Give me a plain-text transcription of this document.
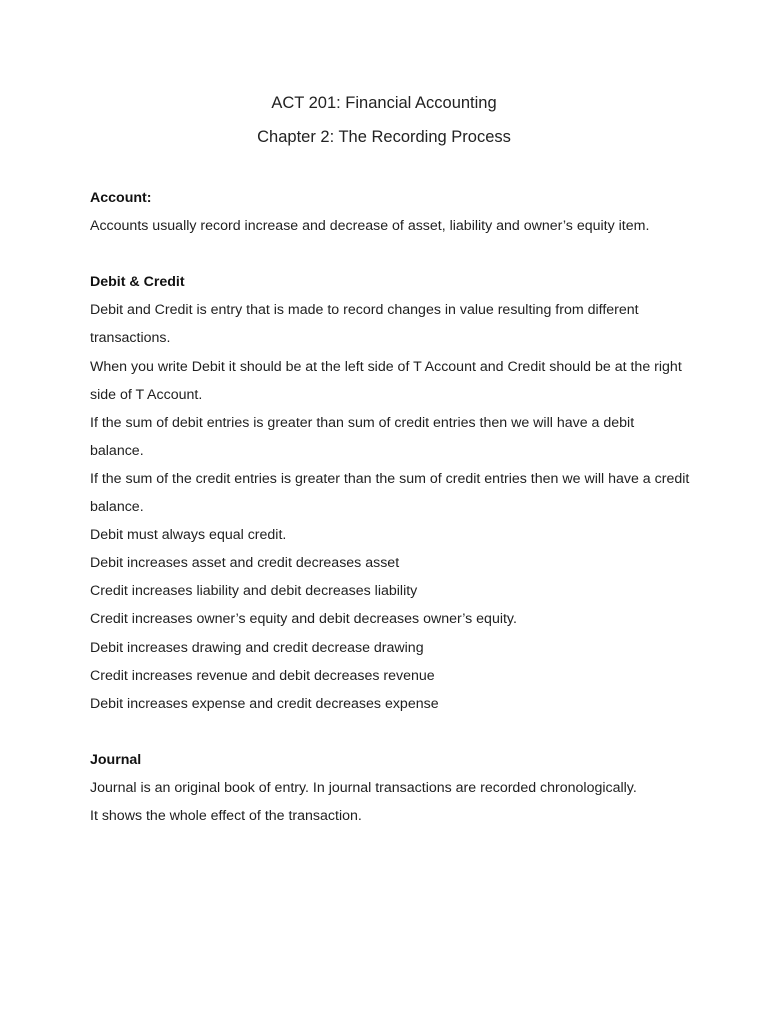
ACT 201: Financial Accounting
Chapter 2: The Recording Process
Account:

Accounts usually record increase and decrease of asset, liability and owner’s equity item.

Debit & Credit

Debit and Credit is entry that is made to record changes in value resulting from different transactions.

When you write Debit it should be at the left side of T Account and Credit should be at the right side of T Account.

If the sum of debit entries is greater than sum of credit entries then we will have a debit balance.

If the sum of the credit entries is greater than the sum of credit entries then we will have a credit balance.

Debit must always equal credit.

Debit increases asset and credit decreases asset

Credit increases liability and debit decreases liability

Credit increases owner’s equity and debit decreases owner’s equity.

Debit increases drawing and credit decrease drawing

Credit increases revenue and debit decreases revenue

Debit increases expense and credit decreases expense

Journal

Journal is an original book of entry. In journal transactions are recorded chronologically.

It shows the whole effect of the transaction.
